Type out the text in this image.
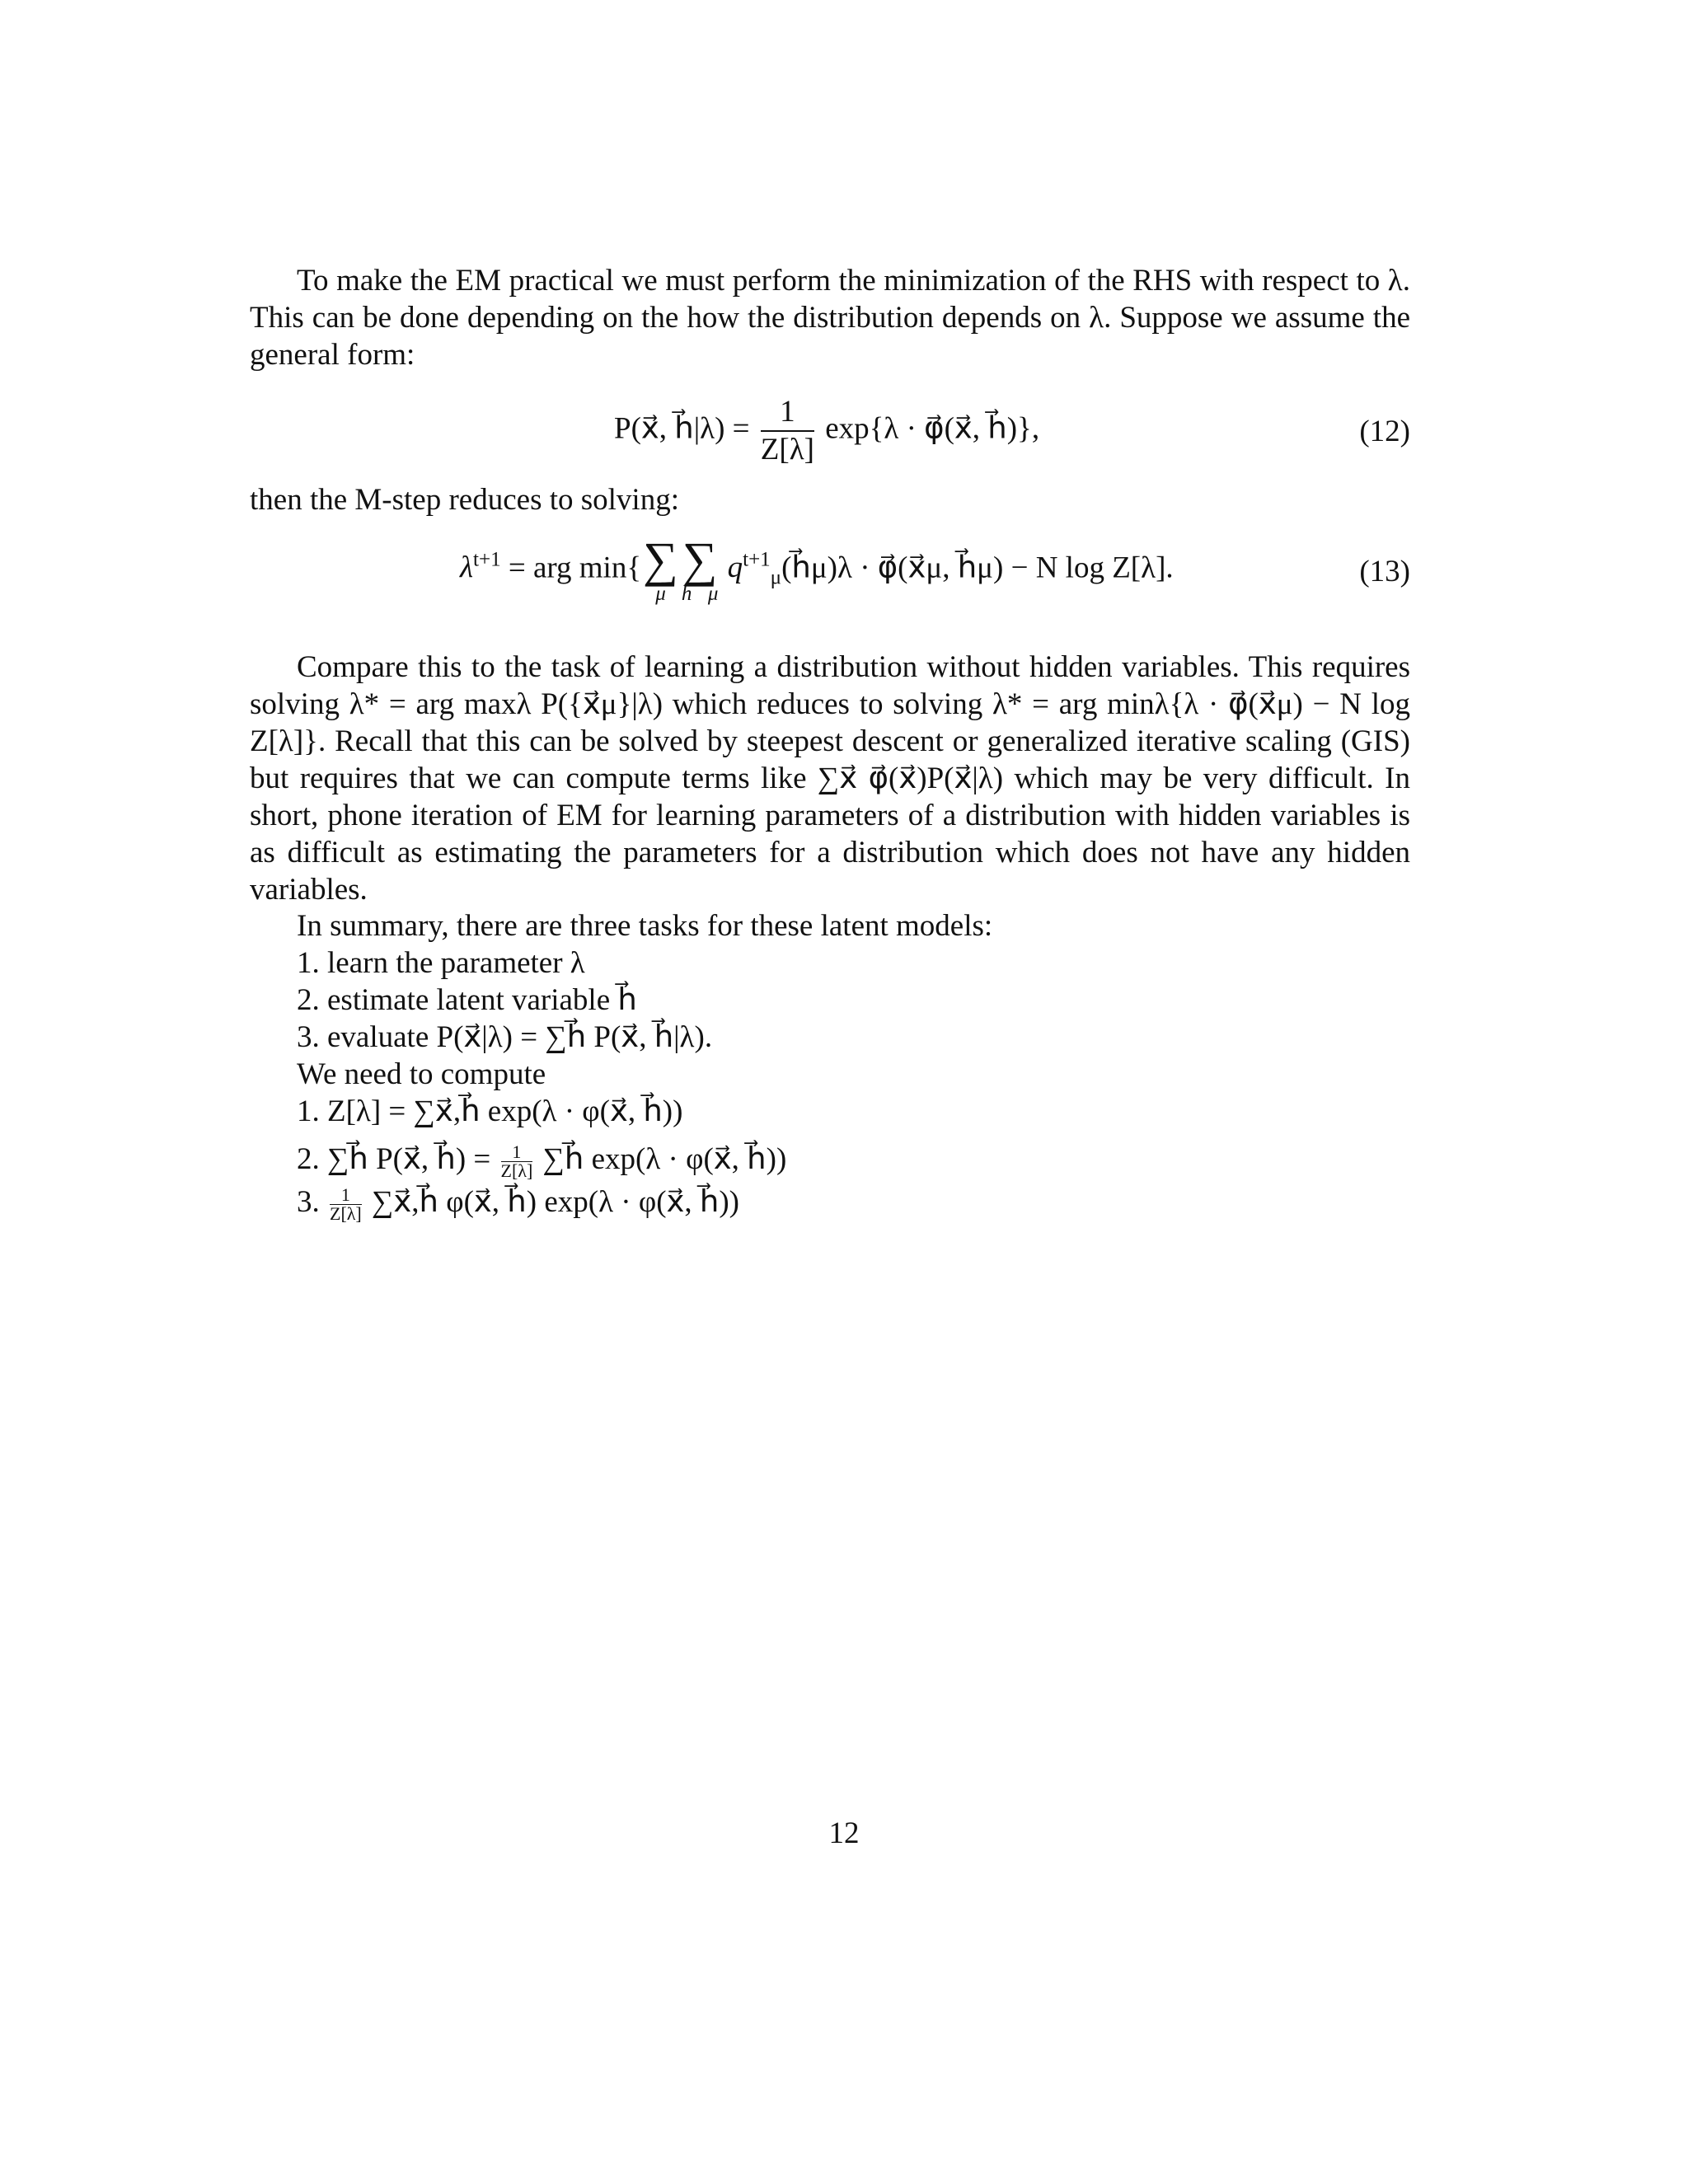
To make the EM practical we must perform the minimization of the RHS with respect to λ. This can be done depending on the how the distribution depends on λ. Suppose we assume the general form:

P(x⃗, h⃗|λ) = $\frac{1}{Z[\lambda]} \exp\{\lambda$ · φ⃗(x⃗, h⃗)},	(12)
then the M-step reduces to solving:
$\lambda^{t+1}$ = arg min{ ∑
μ
∑
h⃗μ
$q^{t+1}_\mu(h⃗\mu)\lambda$ · φ⃗(x⃗μ, h⃗μ) − N log Z[λ].	(13)

Compare this to the task of learning a distribution without hidden variables. This requires solving λ* = arg maxλ P({x⃗μ}|λ) which reduces to solving λ* = arg minλ{λ · φ⃗(x⃗μ) − N log Z[λ]}. Recall that this can be solved by steepest descent or generalized iterative scaling (GIS) but requires that we can compute terms like ∑x⃗ φ⃗(x⃗)P(x⃗|λ) which may be very difficult. In short, phone iteration of EM for learning parameters of a distribution with hidden variables is as difficult as estimating the parameters for a distribution which does not have any hidden variables.

In summary, there are three tasks for these latent models:
1. learn the parameter λ
2. estimate latent variable h⃗
3. evaluate P(x⃗|λ) = ∑h⃗ P(x⃗, h⃗|λ).
We need to compute
1. Z[λ] = ∑x⃗,h⃗ exp(λ · φ(x⃗, h⃗))
2. ∑h⃗ P(x⃗, h⃗) = $\frac{1}{Z[\lambda]}$ ∑h⃗ exp(λ · φ(x⃗, h⃗))
3. $\frac{1}{Z[\lambda]}$ ∑x⃗,h⃗ φ(x⃗, h⃗) exp(λ · φ(x⃗, h⃗))
12
